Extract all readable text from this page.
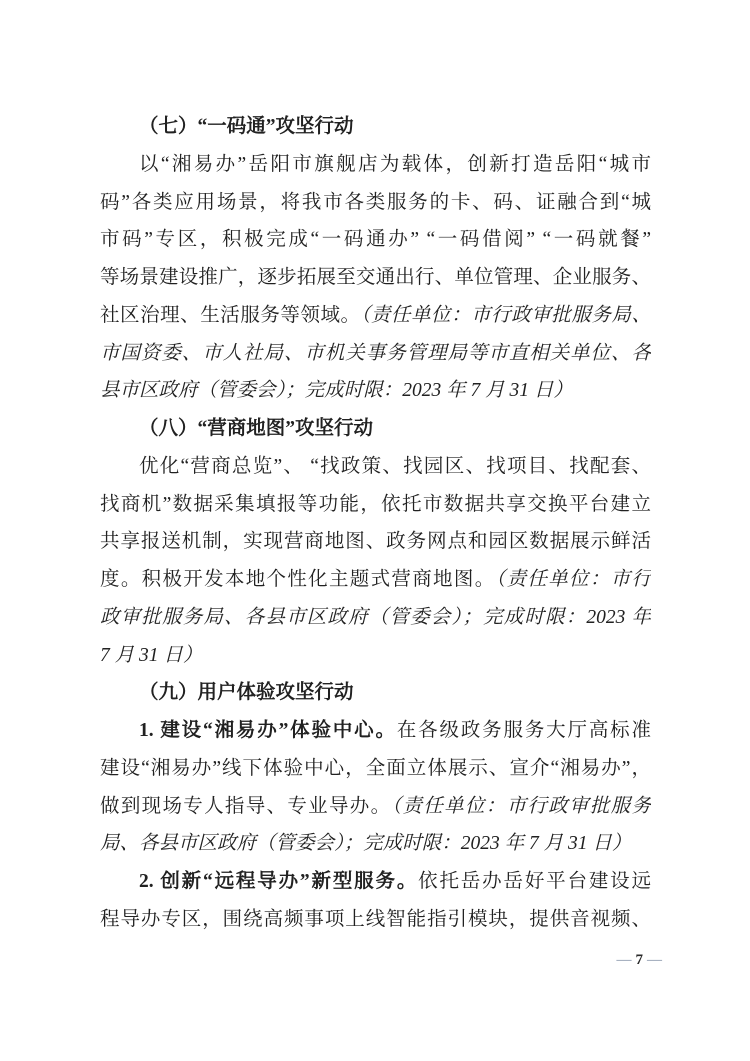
（七）“一码通”攻坚行动
以“湘易办”岳阳市旗舰店为载体，创新打造岳阳“城市
码”各类应用场景，将我市各类服务的卡、码、证融合到“城
市码”专区，积极完成“一码通办” “一码借阅” “一码就餐”
等场景建设推广，逐步拓展至交通出行、单位管理、企业服务、
社区治理、生活服务等领域。（责任单位：市行政审批服务局、
市国资委、市人社局、市机关事务管理局等市直相关单位、各
县市区政府（管委会）；完成时限：2023 年 7 月 31 日）
（八）“营商地图”攻坚行动
优化“营商总览”、 “找政策、找园区、找项目、找配套、
找商机”数据采集填报等功能，依托市数据共享交换平台建立
共享报送机制，实现营商地图、政务网点和园区数据展示鲜活
度。积极开发本地个性化主题式营商地图。（责任单位：市行
政审批服务局、各县市区政府（管委会）；完成时限：2023 年
7 月 31 日）
（九）用户体验攻坚行动
1. 建设“湘易办”体验中心。在各级政务服务大厅高标准
建设“湘易办”线下体验中心，全面立体展示、宣介“湘易办”，
做到现场专人指导、专业导办。（责任单位：市行政审批服务
局、各县市区政府（管委会）；完成时限：2023 年 7 月 31 日）
2. 创新“远程导办”新型服务。依托岳办岳好平台建设远
程导办专区，围绕高频事项上线智能指引模块，提供音视频、
— 7 —
